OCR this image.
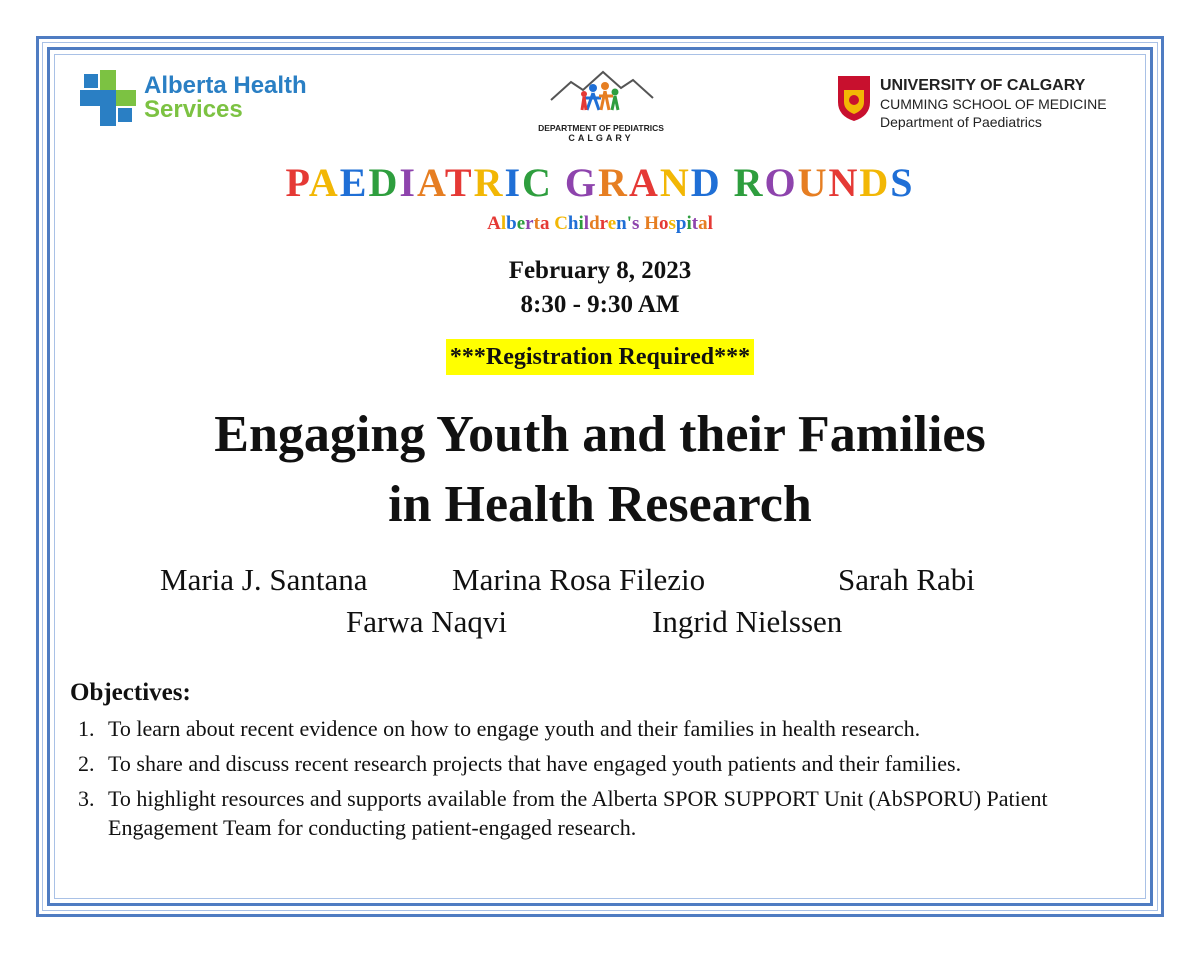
Alberta Health
Services
DEPARTMENT OF PEDIATRICS
CALGARY
UNIVERSITY OF CALGARY
CUMMING SCHOOL OF MEDICINE
Department of Paediatrics
PAEDIATRIC GRAND ROUNDS
Alberta Children's Hospital
February 8, 2023
8:30 - 9:30 AM
***Registration Required***
Engaging Youth and their Families
in Health Research
Maria J. Santana	Marina Rosa Filezio	Sarah Rabi
Farwa Naqvi	Ingrid Nielssen
Objectives:
1. To learn about recent evidence on how to engage youth and their families in health research.
2. To share and discuss recent research projects that have engaged youth patients and their families.
3. To highlight resources and supports available from the Alberta SPOR SUPPORT Unit (AbSPORU) Patient Engagement Team for conducting patient-engaged research.
